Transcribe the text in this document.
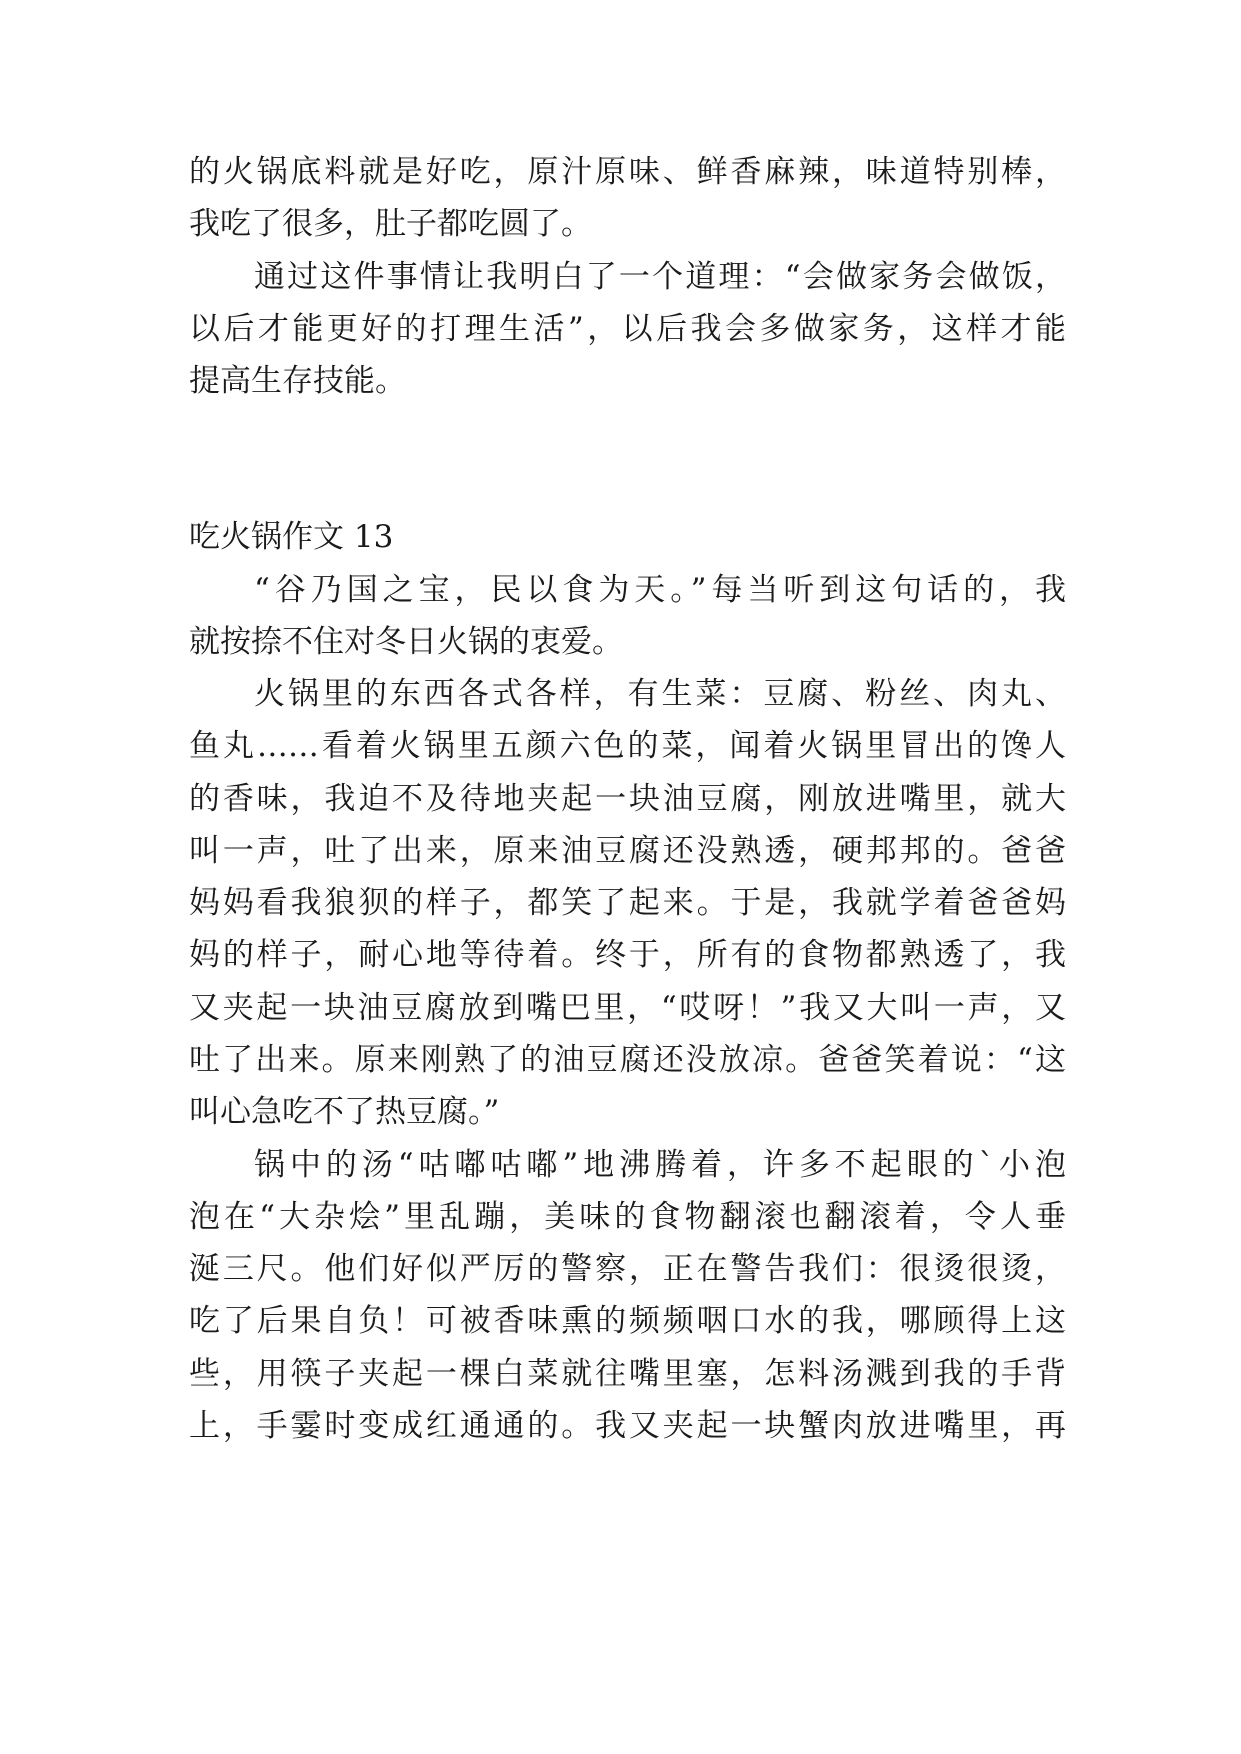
的火锅底料就是好吃，原汁原味、鲜香麻辣，味道特别棒，
我吃了很多，肚子都吃圆了。
通过这件事情让我明白了一个道理：“会做家务会做饭，
以后才能更好的打理生活”，以后我会多做家务，这样才能
提高生存技能。
吃火锅作文 13
“谷乃国之宝，民以食为天。”每当听到这句话的，我
就按捺不住对冬日火锅的衷爱。
火锅里的东西各式各样，有生菜：豆腐、粉丝、肉丸、
鱼丸……看着火锅里五颜六色的菜，闻着火锅里冒出的馋人
的香味，我迫不及待地夹起一块油豆腐，刚放进嘴里，就大
叫一声，吐了出来，原来油豆腐还没熟透，硬邦邦的。爸爸
妈妈看我狼狈的样子，都笑了起来。于是，我就学着爸爸妈
妈的样子，耐心地等待着。终于，所有的食物都熟透了，我
又夹起一块油豆腐放到嘴巴里，“哎呀！”我又大叫一声，又
吐了出来。原来刚熟了的油豆腐还没放凉。爸爸笑着说：“这
叫心急吃不了热豆腐。”
锅中的汤“咕嘟咕嘟”地沸腾着，许多不起眼的`小泡
泡在“大杂烩”里乱蹦，美味的食物翻滚也翻滚着，令人垂
涎三尺。他们好似严厉的警察，正在警告我们：很烫很烫，
吃了后果自负！可被香味熏的频频咽口水的我，哪顾得上这
些，用筷子夹起一棵白菜就往嘴里塞，怎料汤溅到我的手背
上，手霎时变成红通通的。我又夹起一块蟹肉放进嘴里，再
